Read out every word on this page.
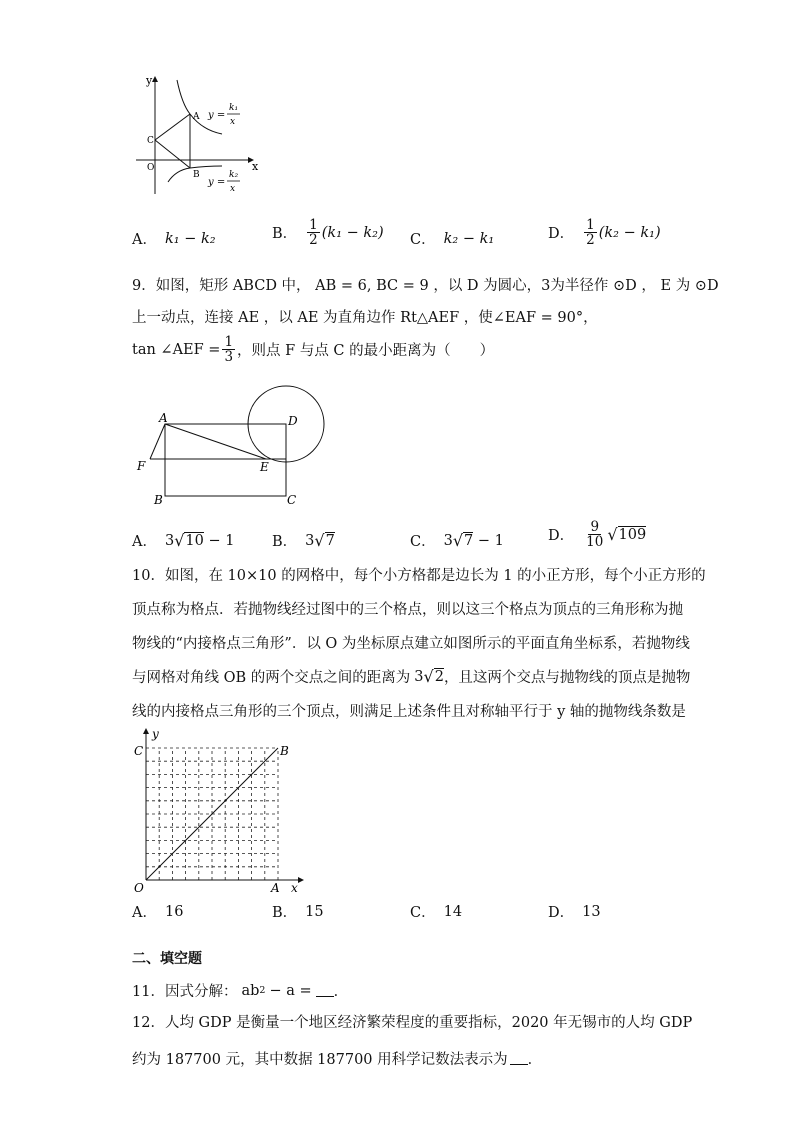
y
x
O
C
A
B
y =
k₁
x
y =
k₂
x
A． k₁ − k₂	B． $\frac{1}{2} (k_1 - k_2)$ C． k₂ − k₁	D． $\frac{1}{2} (k_2 - k_1)$
9．如图，矩形 ABCD 中， AB = 6, BC = 9 ，以 D 为圆心，3为半径作 ⊙D ， E 为 ⊙D
上一动点，连接 AE ，以 AE 为直角边作 Rt△AEF ，使∠EAF = 90°，
tan ∠AEF = $\frac{1}{3}$ ，则点 F 与点 C 的最小距离为（　　）
A	D
F	E
B	C
A． 3 √ 10
− 1	B． 3 √ 7	C． 3 √ 7
− 1	D． $\frac{9}{10}$ √ 109
10．如图，在 10×10 的网格中，每个小方格都是边长为 1 的小正方形，每个小正方形的
顶点称为格点．若抛物线经过图中的三个格点，则以这三个格点为顶点的三角形称为抛
物线的“内接格点三角形”．以 O 为坐标原点建立如图所示的平面直角坐标系，若抛物线
与网格对角线 OB 的两个交点之间的距离为 3 √ 2 ，且这两个交点与抛物线的顶点是抛物
线的内接格点三角形的三个顶点，则满足上述条件且对称轴平行于 y 轴的抛物线条数是
y
x
O	A
B
C
A． 16	B． 15	C． 14	D． 13
二、填空题
11．因式分解： ab 2 − a = ．
12．人均 GDP 是衡量一个地区经济繁荣程度的重要指标，2020 年无锡市的人均 GDP
约为 187700 元，其中数据 187700 用科学记数法表示为 ．
